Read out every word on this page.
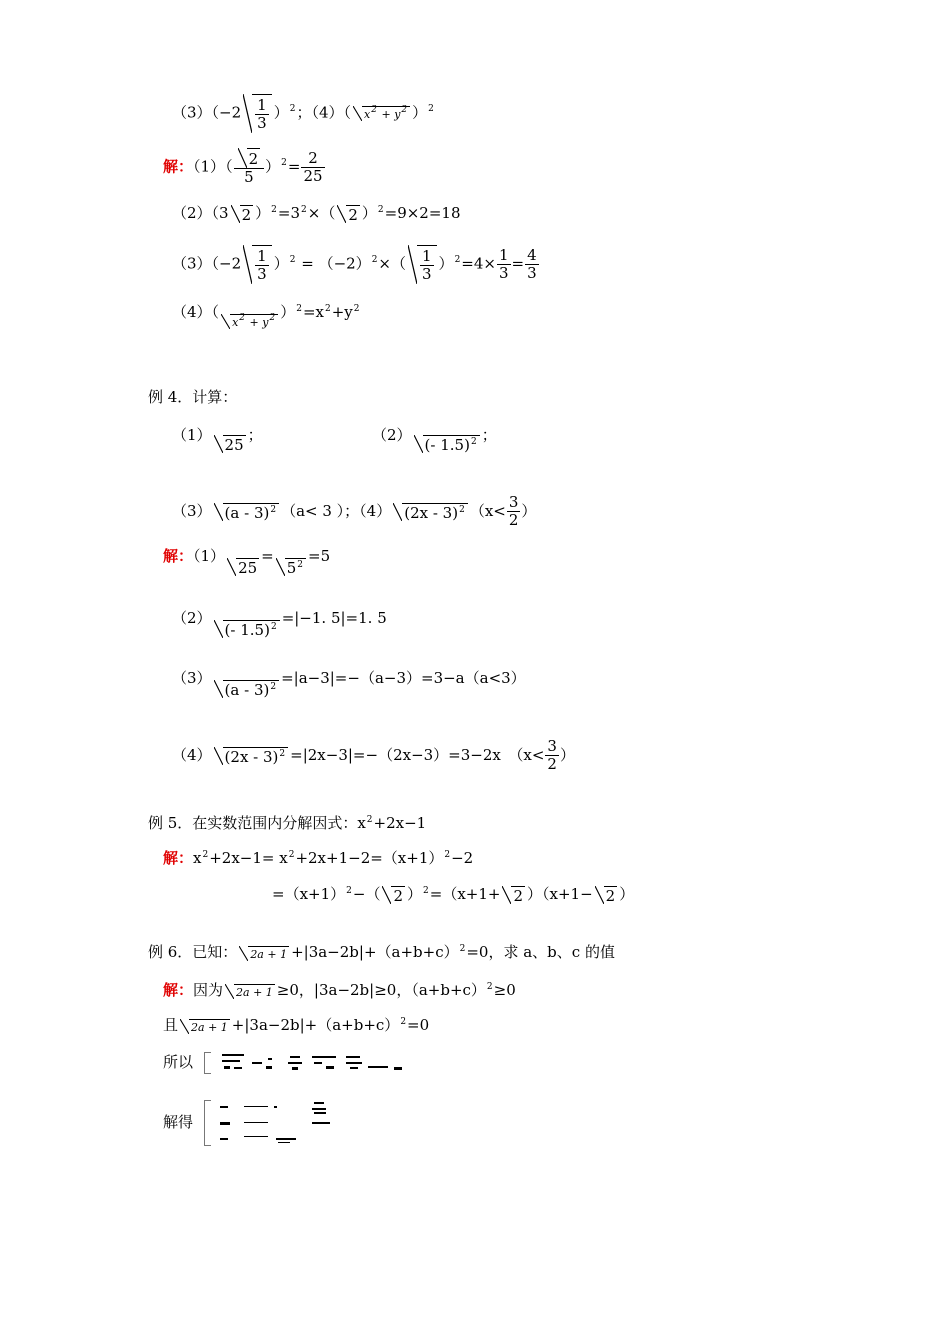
$(3)(-2 \frac{1}{3} )^2$；（4）（ $x^2 + y^2$ ）$^2$
解：$(1)( \frac{2}{5} )^2= \frac{2}{25}$
（2）（3 2 ）$^2=3^2\times$（ 2 ）$^2$=9×2=18
$(3)(-2 \frac{1}{3} )^2 = (-2)^2\times( \frac{1}{3} )^2=4\times \frac{1}{3} = \frac{4}{3}$
$(4)(x^2 + y^2$ ）$^2=x^2+y^2$
例 4．计算：
（1）25；	（2）(- 1.5)$^2$ ；
（3） (a - 3)$^2$ （a< 3 ）；（4） (2x - 3)$^2$ （$x< \frac{3}{2}$ ）
解：$(1)25=5^2 =5$
（2）(- 1.5)$^2$ =|−1. 5|=1. 5
（3）(a - 3)$^2$ =|a−3|=−（a−3）=3−a（a<3）
（4） (2x - 3)$^2$ =|2x−3|=−（2x−3）=3−2x　（$x< \frac{3}{2}$ ）
例 5．在实数范围内分解因式：$x^2+2x-1$
解：$x^2+2x-1= x^2+2x+1-2=(x+1)^2-2$
$=(x+1)^2-$（ 2 ）$^2$=（x+1+ 2 ）（x+1− 2 ）
例 6．已知： $2a + 1 +|3a-2b|+(a+b+c)^2=0$，求 a、b、c 的值
解：因为 2a + 1 ≥0，|3a−2b|≥0，$(a+b+c)^2\ge 0$
且 $2a + 1 +|3a-2b|+(a+b+c)^2=0$
所以
解得
